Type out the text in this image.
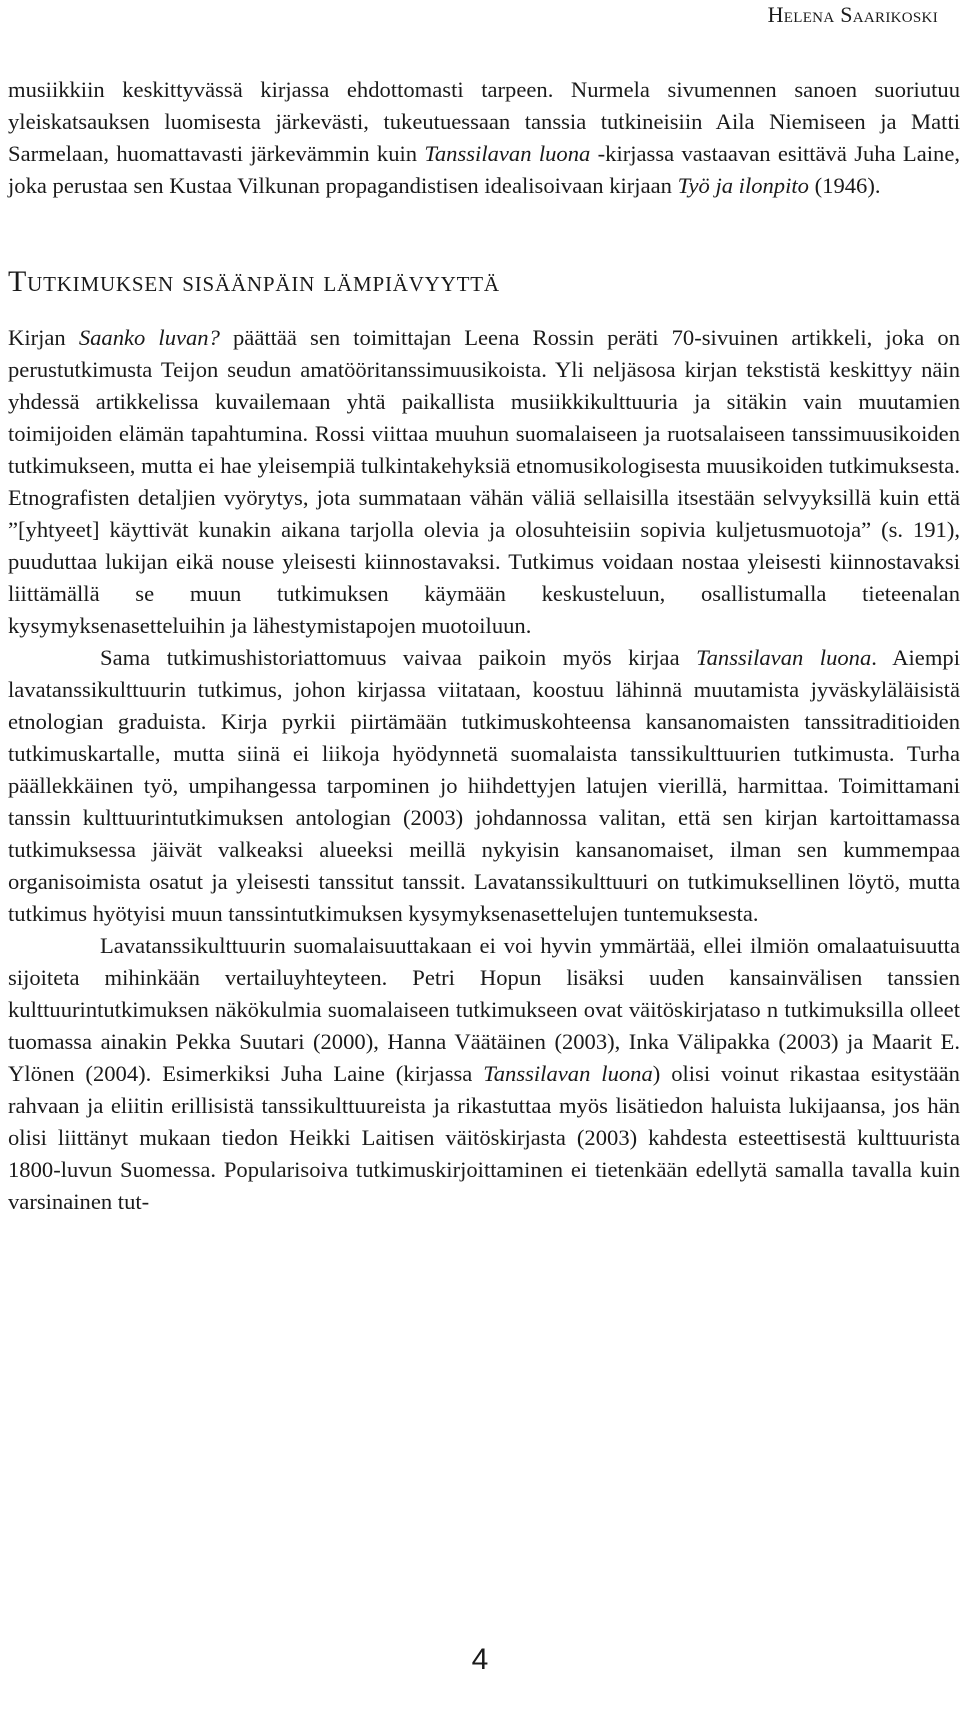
Helena Saarikoski

musiikkiin keskittyvässä kirjassa ehdottomasti tarpeen. Nurmela sivumennen sanoen suoriutuu yleiskatsauksen luomisesta järkevästi, tukeutuessaan tanssia tutkineisiin Aila Niemiseen ja Matti Sarmelaan, huomattavasti järkevämmin kuin Tanssilavan luona -kirjassa vastaavan esittävä Juha Laine, joka perustaa sen Kustaa Vilkunan propagandistisen idealisoivaan kirjaan Työ ja ilonpito (1946).

Tutkimuksen sisäänpäin lämpiävyyttä

Kirjan Saanko luvan? päättää sen toimittajan Leena Rossin peräti 70-sivuinen artikkeli, joka on perustutkimusta Teijon seudun amatööritanssimuusikoista. Yli neljäsosa kirjan tekstistä keskittyy näin yhdessä artikkelissa kuvailemaan yhtä paikallista musiikkikulttuuria ja sitäkin vain muutamien toimijoiden elämän tapahtumina. Rossi viittaa muuhun suomalaiseen ja ruotsalaiseen tanssimuusikoiden tutkimukseen, mutta ei hae yleisempiä tulkintakehyksiä etnomusikologisesta muusikoiden tutkimuksesta. Etnografisten detaljien vyörytys, jota summataan vähän väliä sellaisilla itsestään selvyyksillä kuin että ”[yhtyeet] käyttivät kunakin aikana tarjolla olevia ja olosuhteisiin sopivia kuljetusmuotoja” (s. 191), puuduttaa lukijan eikä nouse yleisesti kiinnostavaksi. Tutkimus voidaan nostaa yleisesti kiinnostavaksi liittämällä se muun tutkimuksen käymään keskusteluun, osallistumalla tieteenalan kysymyksenasetteluihin ja lähestymistapojen muotoiluun.

Sama tutkimushistoriattomuus vaivaa paikoin myös kirjaa Tanssilavan luona. Aiempi lavatanssikulttuurin tutkimus, johon kirjassa viitataan, koostuu lähinnä muutamista jyväskyläläisistä etnologian graduista. Kirja pyrkii piirtämään tutkimuskohteensa kansanomaisten tanssitraditioiden tutkimuskartalle, mutta siinä ei liikoja hyödynnetä suomalaista tanssikulttuurien tutkimusta. Turha päällekkäinen työ, umpihangessa tarpominen jo hiihdettyjen latujen vierillä, harmittaa. Toimittamani tanssin kulttuurintutkimuksen antologian (2003) johdannossa valitan, että sen kirjan kartoittamassa tutkimuksessa jäivät valkeaksi alueeksi meillä nykyisin kansanomaiset, ilman sen kummempaa organisoimista osatut ja yleisesti tanssitut tanssit. Lavatanssikulttuuri on tutkimuksellinen löytö, mutta tutkimus hyötyisi muun tanssintutkimuksen kysymyksenasettelujen tuntemuksesta.

Lavatanssikulttuurin suomalaisuuttakaan ei voi hyvin ymmärtää, ellei ilmiön omalaatuisuutta sijoiteta mihinkään vertailuyhteyteen. Petri Hopun lisäksi uuden kansainvälisen tanssien kulttuurintutkimuksen näkökulmia suomalaiseen tutkimukseen ovat väitöskirjataso n tutkimuksilla olleet tuomassa ainakin Pekka Suutari (2000), Hanna Väätäinen (2003), Inka Välipakka (2003) ja Maarit E. Ylönen (2004). Esimerkiksi Juha Laine (kirjassa Tanssilavan luona) olisi voinut rikastaa esitystään rahvaan ja eliitin erillisistä tanssikulttuureista ja rikastuttaa myös lisätiedon haluista lukijaansa, jos hän olisi liittänyt mukaan tiedon Heikki Laitisen väitöskirjasta (2003) kahdesta esteettisestä kulttuurista 1800-luvun Suomessa. Popularisoiva tutkimuskirjoittaminen ei tietenkään edellytä samalla tavalla kuin varsinainen tut-

4
